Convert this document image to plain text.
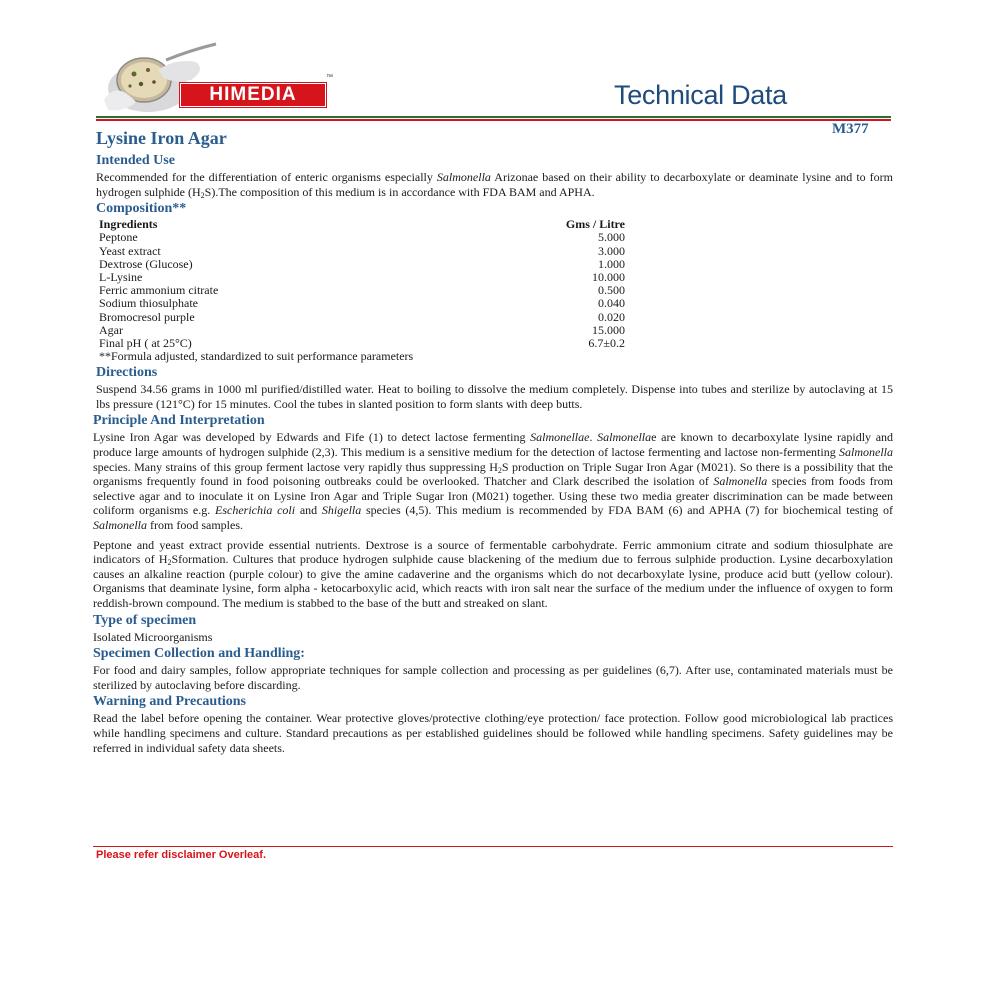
HIMEDIA
™
Technical Data
Lysine Iron Agar	M377
Intended Use

Recommended for the differentiation of enteric organisms especially Salmonella Arizonae based on their ability to decarboxylate or deaminate lysine and to form hydrogen sulphide $(H_2S).The$ composition of this medium is in accordance with FDA BAM and APHA.

Composition**
Ingredients	Gms / Litre
Peptone	5.000
Yeast extract	3.000
Dextrose (Glucose)	1.000
L-Lysine	10.000
Ferric ammonium citrate	0.500
Sodium thiosulphate	0.040
Bromocresol purple	0.020
Agar	15.000
Final pH ( at 25°C)	6.7±0.2
**Formula adjusted, standardized to suit performance parameters
Directions

Suspend 34.56 grams in 1000 ml purified/distilled water. Heat to boiling to dissolve the medium completely. Dispense into tubes and sterilize by autoclaving at 15 lbs pressure (121°C) for 15 minutes. Cool the tubes in slanted position to form slants with deep butts.

Principle And Interpretation

Lysine Iron Agar was developed by Edwards and Fife (1) to detect lactose fermenting Salmonellae. Salmonellae are known to decarboxylate lysine rapidly and produce large amounts of hydrogen sulphide (2,3). This medium is a sensitive medium for the detection of lactose fermenting and lactose non-fermenting Salmonella species. Many strains of this group ferment lactose very rapidly thus suppressing $H_2S$ production on Triple Sugar Iron Agar (M021). So there is a possibility that the organisms frequently found in food poisoning outbreaks could be overlooked. Thatcher and Clark described the isolation of Salmonella species from foods from selective agar and to inoculate it on Lysine Iron Agar and Triple Sugar Iron (M021) together. Using these two media greater discrimination can be made between coliform organisms e.g. Escherichia coli and Shigella species (4,5). This medium is recommended by FDA BAM (6) and APHA (7) for biochemical testing of Salmonella from food samples.

Peptone and yeast extract provide essential nutrients. Dextrose is a source of fermentable carbohydrate. Ferric ammonium citrate and sodium thiosulphate are indicators of $H_2Sformation$. Cultures that produce hydrogen sulphide cause blackening of the medium due to ferrous sulphide production. Lysine decarboxylation causes an alkaline reaction (purple colour) to give the amine cadaverine and the organisms which do not decarboxylate lysine, produce acid butt (yellow colour). Organisms that deaminate lysine, form alpha - ketocarboxylic acid, which reacts with iron salt near the surface of the medium under the influence of oxygen to form reddish-brown compound. The medium is stabbed to the base of the butt and streaked on slant.

Type of specimen

Isolated Microorganisms

Specimen Collection and Handling:

For food and dairy samples, follow appropriate techniques for sample collection and processing as per guidelines (6,7). After use, contaminated materials must be sterilized by autoclaving before discarding.

Warning and Precautions

Read the label before opening the container. Wear protective gloves/protective clothing/eye protection/ face protection. Follow good microbiological lab practices while handling specimens and culture. Standard precautions as per established guidelines should be followed while handling specimens. Safety guidelines may be referred in individual safety data sheets.

Please refer disclaimer Overleaf.
